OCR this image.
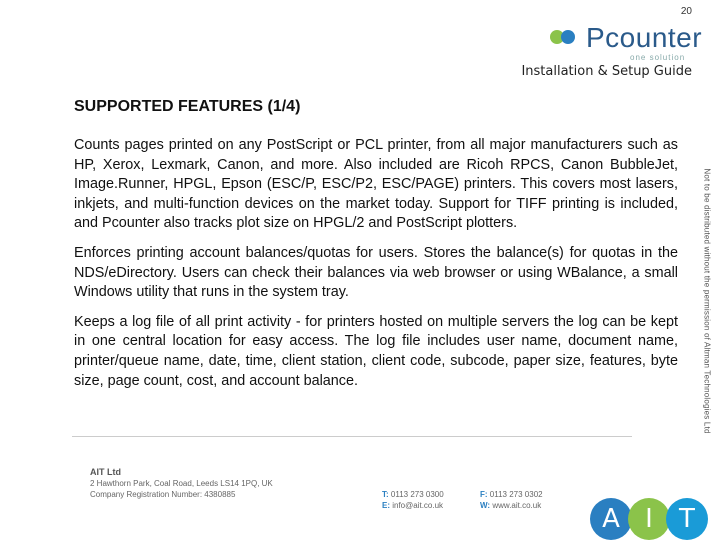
20
Pcounter
one solution
Installation & Setup Guide
SUPPORTED FEATURES (1/4)

Counts pages printed on any PostScript or PCL printer, from all major manufacturers such as HP, Xerox, Lexmark, Canon, and more. Also included are Ricoh RPCS, Canon BubbleJet, Image.Runner, HPGL, Epson (ESC/P, ESC/P2, ESC/PAGE) printers. This covers most lasers, inkjets, and multi-function devices on the market today. Support for TIFF printing is included, and Pcounter also tracks plot size on HPGL/2 and PostScript plotters.

Enforces printing account balances/quotas for users. Stores the balance(s) for quotas in the NDS/eDirectory. Users can check their balances via web browser or using WBalance, a small Windows utility that runs in the system tray.

Keeps a log file of all print activity - for printers hosted on multiple servers the log can be kept in one central location for easy access. The log file includes user name, document name, printer/queue name, date, time, client station, client code, subcode, paper size, features, byte size, page count, cost, and account balance.	Not to be distributed without the permission of Altman Technologies Ltd
AIT Ltd
2 Hawthorn Park, Coal Road, Leeds LS14 1PQ, UK
Company Registration Number: 4380885	T: 0113 273 0300
E: info@ait.co.uk
F: 0113 273 0302
W: www.ait.co.uk	A I	T
